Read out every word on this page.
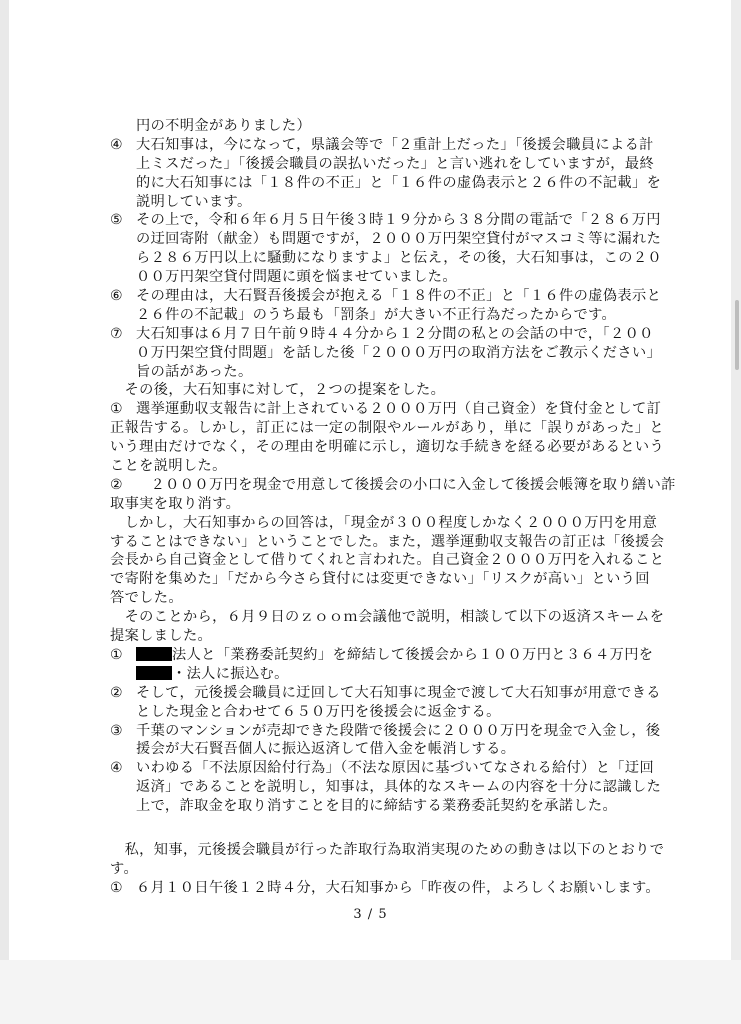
円の不明金がありました）
④ 大石知事は，今になって，県議会等で「２重計上だった」「後援会職員による計
上ミスだった」「後援会職員の誤払いだった」と言い逃れをしていますが，最終
的に大石知事には「１８件の不正」と「１６件の虚偽表示と２６件の不記載」を
説明しています。
⑤ その上で，令和６年６月５日午後３時１９分から３８分間の電話で「２８６万円
の迂回寄附（献金）も問題ですが，２０００万円架空貸付がマスコミ等に漏れた
ら２８６万円以上に騒動になりますよ」と伝え，その後，大石知事は，この２０
００万円架空貸付問題に頭を悩ませていました。
⑥ その理由は，大石賢吾後援会が抱える「１８件の不正」と「１６件の虚偽表示と
２６件の不記載」のうち最も「罰条」が大きい不正行為だったからです。
⑦ 大石知事は６月７日午前９時４４分から１２分間の私との会話の中で，「２００
０万円架空貸付問題」を話した後「２０００万円の取消方法をご教示ください」
旨の話があった。
　その後，大石知事に対して，２つの提案をした。
① 選挙運動収支報告に計上されている２０００万円（自己資金）を貸付金として訂
正報告する。しかし，訂正には一定の制限やルールがあり，単に「誤りがあった」と
いう理由だけでなく，その理由を明確に示し，適切な手続きを経る必要があるという
ことを説明した。
② 　２０００万円を現金で用意して後援会の小口に入金して後援会帳簿を取り繕い詐
取事実を取り消す。
　しかし，大石知事からの回答は，「現金が３００程度しかなく２０００万円を用意
することはできない」ということでした。また，選挙運動収支報告の訂正は「後援会
会長から自己資金として借りてくれと言われた。自己資金２０００万円を入れること
で寄附を集めた」「だから今さら貸付には変更できない」「リスクが高い」という回
答でした。
　そのことから，６月９日のｚｏｏｍ会議他で説明，相談して以下の返済スキームを
提案しました。
①	法人と「業務委託契約」を締結して後援会から１００万円と３６４万円を
・法人に振込む。
② そして，元後援会職員に迂回して大石知事に現金で渡して大石知事が用意できる
とした現金と合わせて６５０万円を後援会に返金する。
③ 千葉のマンションが売却できた段階で後援会に２０００万円を現金で入金し，後
援会が大石賢吾個人に振込返済して借入金を帳消しする。
④ いわゆる「不法原因給付行為」（不法な原因に基づいてなされる給付）と「迂回
返済」であることを説明し，知事は，具体的なスキームの内容を十分に認識した
上で，詐取金を取り消すことを目的に締結する業務委託契約を承諾した。
　私，知事，元後援会職員が行った詐取行為取消実現のための動きは以下のとおりで
す。
① ６月１０日午後１２時４分，大石知事から「昨夜の件，よろしくお願いします。
3 / 5
